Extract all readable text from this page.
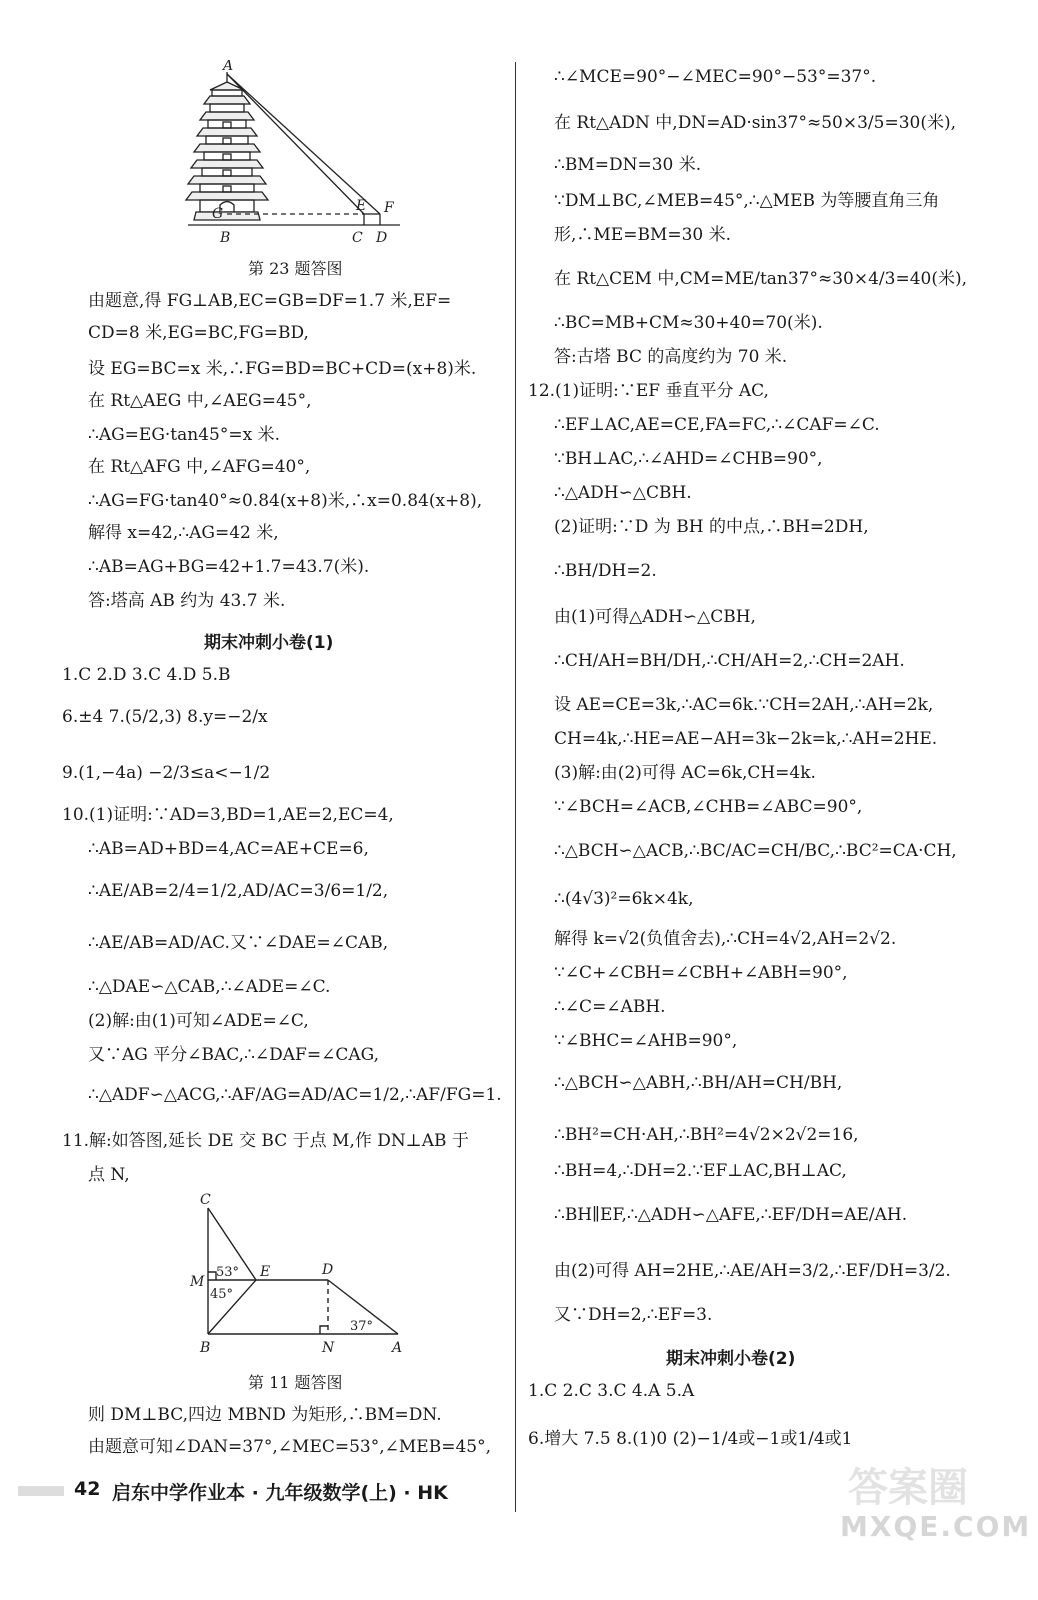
A
G	E F
B	C D
第 23 题答图
由题意,得 FG⊥AB,EC=GB=DF=1.7 米,EF=
CD=8 米,EG=BC,FG=BD,
设 EG=BC=x 米,∴FG=BD=BC+CD=(x+8)米.
在 Rt△AEG 中,∠AEG=45°,
∴AG=EG·tan45°=x 米.
在 Rt△AFG 中,∠AFG=40°,
∴AG=FG·tan40°≈0.84(x+8)米,∴x=0.84(x+8),
解得 x=42,∴AG=42 米,
∴AB=AG+BG=42+1.7=43.7(米).
答:塔高 AB 约为 43.7 米.
期末冲刺小卷(1)
1.C 2.D 3.C 4.D 5.B
6.±4 7.(5/2,3) 8.y=−2/x
9.(1,−4a) −2/3≤a<−1/2
10.(1)证明:∵AD=3,BD=1,AE=2,EC=4,
∴AB=AD+BD=4,AC=AE+CE=6,
∴AE/AB=2/4=1/2,AD/AC=3/6=1/2,
∴AE/AB=AD/AC.又∵∠DAE=∠CAB,
∴△DAE∽△CAB,∴∠ADE=∠C.
(2)解:由(1)可知∠ADE=∠C,
又∵AG 平分∠BAC,∴∠DAF=∠CAG,
∴△ADF∽△ACG,∴AF/AG=AD/AC=1/2,∴AF/FG=1.
11.解:如答图,延长 DE 交 BC 于点 M,作 DN⊥AB 于
点 N,
C
M
E	D
B	N	A
53°
45°
37°
第 11 题答图
则 DM⊥BC,四边 MBND 为矩形,∴BM=DN.
由题意可知∠DAN=37°,∠MEC=53°,∠MEB=45°,
∴∠MCE=90°−∠MEC=90°−53°=37°.
在 Rt△ADN 中,DN=AD·sin37°≈50×3/5=30(米),
∴BM=DN=30 米.
∵DM⊥BC,∠MEB=45°,∴△MEB 为等腰直角三角
形,∴ME=BM=30 米.
在 Rt△CEM 中,CM=ME/tan37°≈30×4/3=40(米),
∴BC=MB+CM≈30+40=70(米).
答:古塔 BC 的高度约为 70 米.
12.(1)证明:∵EF 垂直平分 AC,
∴EF⊥AC,AE=CE,FA=FC,∴∠CAF=∠C.
∵BH⊥AC,∴∠AHD=∠CHB=90°,
∴△ADH∽△CBH.
(2)证明:∵D 为 BH 的中点,∴BH=2DH,
∴BH/DH=2.
由(1)可得△ADH∽△CBH,
∴CH/AH=BH/DH,∴CH/AH=2,∴CH=2AH.
设 AE=CE=3k,∴AC=6k.∵CH=2AH,∴AH=2k,
CH=4k,∴HE=AE−AH=3k−2k=k,∴AH=2HE.
(3)解:由(2)可得 AC=6k,CH=4k.
∵∠BCH=∠ACB,∠CHB=∠ABC=90°,
∴△BCH∽△ACB,∴BC/AC=CH/BC,∴BC²=CA·CH,
∴(4√3)²=6k×4k,
解得 k=√2(负值舍去),∴CH=4√2,AH=2√2.
∵∠C+∠CBH=∠CBH+∠ABH=90°,
∴∠C=∠ABH.
∵∠BHC=∠AHB=90°,
∴△BCH∽△ABH,∴BH/AH=CH/BH,
∴BH²=CH·AH,∴BH²=4√2×2√2=16,
∴BH=4,∴DH=2.∵EF⊥AC,BH⊥AC,
∴BH∥EF,∴△ADH∽△AFE,∴EF/DH=AE/AH.
由(2)可得 AH=2HE,∴AE/AH=3/2,∴EF/DH=3/2.
又∵DH=2,∴EF=3.
期末冲刺小卷(2)
1.C 2.C 3.C 4.A 5.A
6.增大 7.5 8.(1)0 (2)−1/4或−1或1/4或1
42 启东中学作业本 · 九年级数学(上) · HK	答案圈
MXQE.COM
